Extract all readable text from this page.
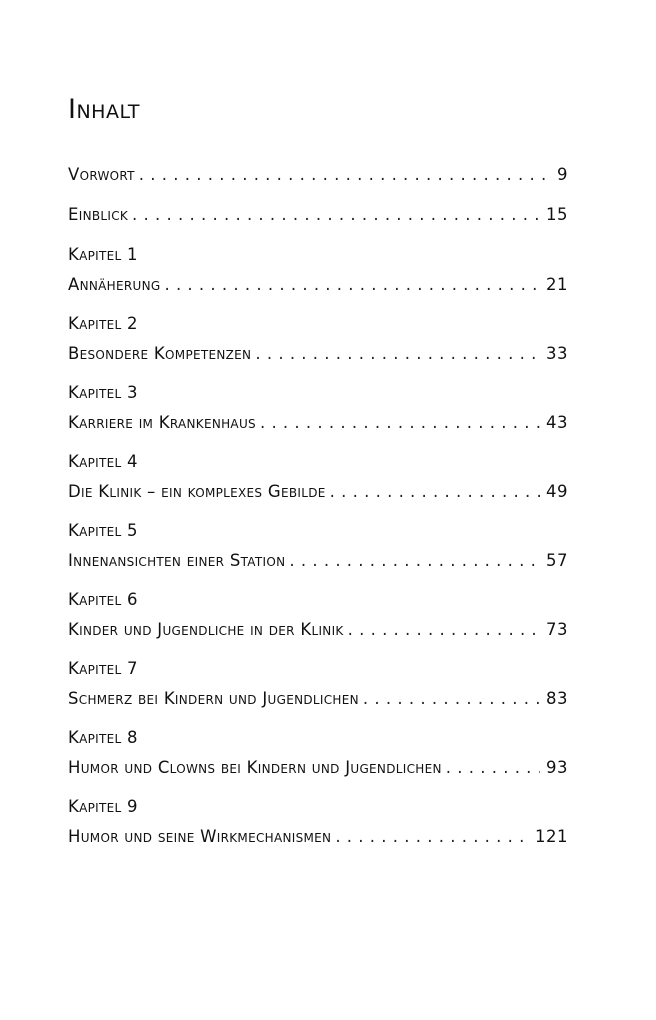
Inhalt
Vorwort . . .	9
Einblick . . .	15
Kapitel 1
Annäherung . . .	21
Kapitel 2
Besondere Kompetenzen . . .	33
Kapitel 3
Karriere im Krankenhaus . . .	43
Kapitel 4
Die Klinik – ein komplexes Gebilde . . .	49
Kapitel 5
Innenansichten einer Station . . .	57
Kapitel 6
Kinder und Jugendliche in der Klinik . . .	73
Kapitel 7
Schmerz bei Kindern und Jugendlichen . . .	83
Kapitel 8
Humor und Clowns bei Kindern und Jugendlichen . . .	93
Kapitel 9
Humor und seine Wirkmechanismen . . .	121
